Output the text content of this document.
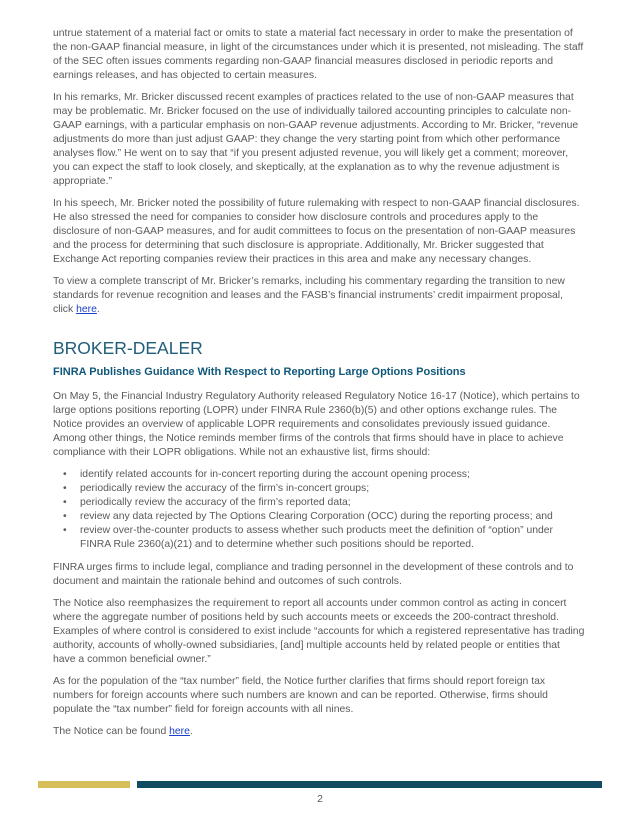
untrue statement of a material fact or omits to state a material fact necessary in order to make the presentation of the non-GAAP financial measure, in light of the circumstances under which it is presented, not misleading. The staff of the SEC often issues comments regarding non-GAAP financial measures disclosed in periodic reports and earnings releases, and has objected to certain measures.

In his remarks, Mr. Bricker discussed recent examples of practices related to the use of non-GAAP measures that may be problematic. Mr. Bricker focused on the use of individually tailored accounting principles to calculate non-GAAP earnings, with a particular emphasis on non-GAAP revenue adjustments. According to Mr. Bricker, “revenue adjustments do more than just adjust GAAP: they change the very starting point from which other performance analyses flow.” He went on to say that “if you present adjusted revenue, you will likely get a comment; moreover, you can expect the staff to look closely, and skeptically, at the explanation as to why the revenue adjustment is appropriate.”

In his speech, Mr. Bricker noted the possibility of future rulemaking with respect to non-GAAP financial disclosures. He also stressed the need for companies to consider how disclosure controls and procedures apply to the disclosure of non-GAAP measures, and for audit committees to focus on the presentation of non-GAAP measures and the process for determining that such disclosure is appropriate. Additionally, Mr. Bricker suggested that Exchange Act reporting companies review their practices in this area and make any necessary changes.

To view a complete transcript of Mr. Bricker’s remarks, including his commentary regarding the transition to new standards for revenue recognition and leases and the FASB’s financial instruments’ credit impairment proposal, click here.

BROKER-DEALER
FINRA Publishes Guidance With Respect to Reporting Large Options Positions

On May 5, the Financial Industry Regulatory Authority released Regulatory Notice 16-17 (Notice), which pertains to large options positions reporting (LOPR) under FINRA Rule 2360(b)(5) and other options exchange rules. The Notice provides an overview of applicable LOPR requirements and consolidates previously issued guidance. Among other things, the Notice reminds member firms of the controls that firms should have in place to achieve compliance with their LOPR obligations. While not an exhaustive list, firms should:

• identify related accounts for in-concert reporting during the account opening process;
• periodically review the accuracy of the firm’s in-concert groups;
• periodically review the accuracy of the firm’s reported data;
• review any data rejected by The Options Clearing Corporation (OCC) during the reporting process; and
• review over-the-counter products to assess whether such products meet the definition of “option” under FINRA Rule 2360(a)(21) and to determine whether such positions should be reported.

FINRA urges firms to include legal, compliance and trading personnel in the development of these controls and to document and maintain the rationale behind and outcomes of such controls.

The Notice also reemphasizes the requirement to report all accounts under common control as acting in concert where the aggregate number of positions held by such accounts meets or exceeds the 200-contract threshold. Examples of where control is considered to exist include “accounts for which a registered representative has trading authority, accounts of wholly-owned subsidiaries, [and] multiple accounts held by related people or entities that have a common beneficial owner.”

As for the population of the “tax number” field, the Notice further clarifies that firms should report foreign tax numbers for foreign accounts where such numbers are known and can be reported. Otherwise, firms should populate the “tax number” field for foreign accounts with all nines.

The Notice can be found here.

2
